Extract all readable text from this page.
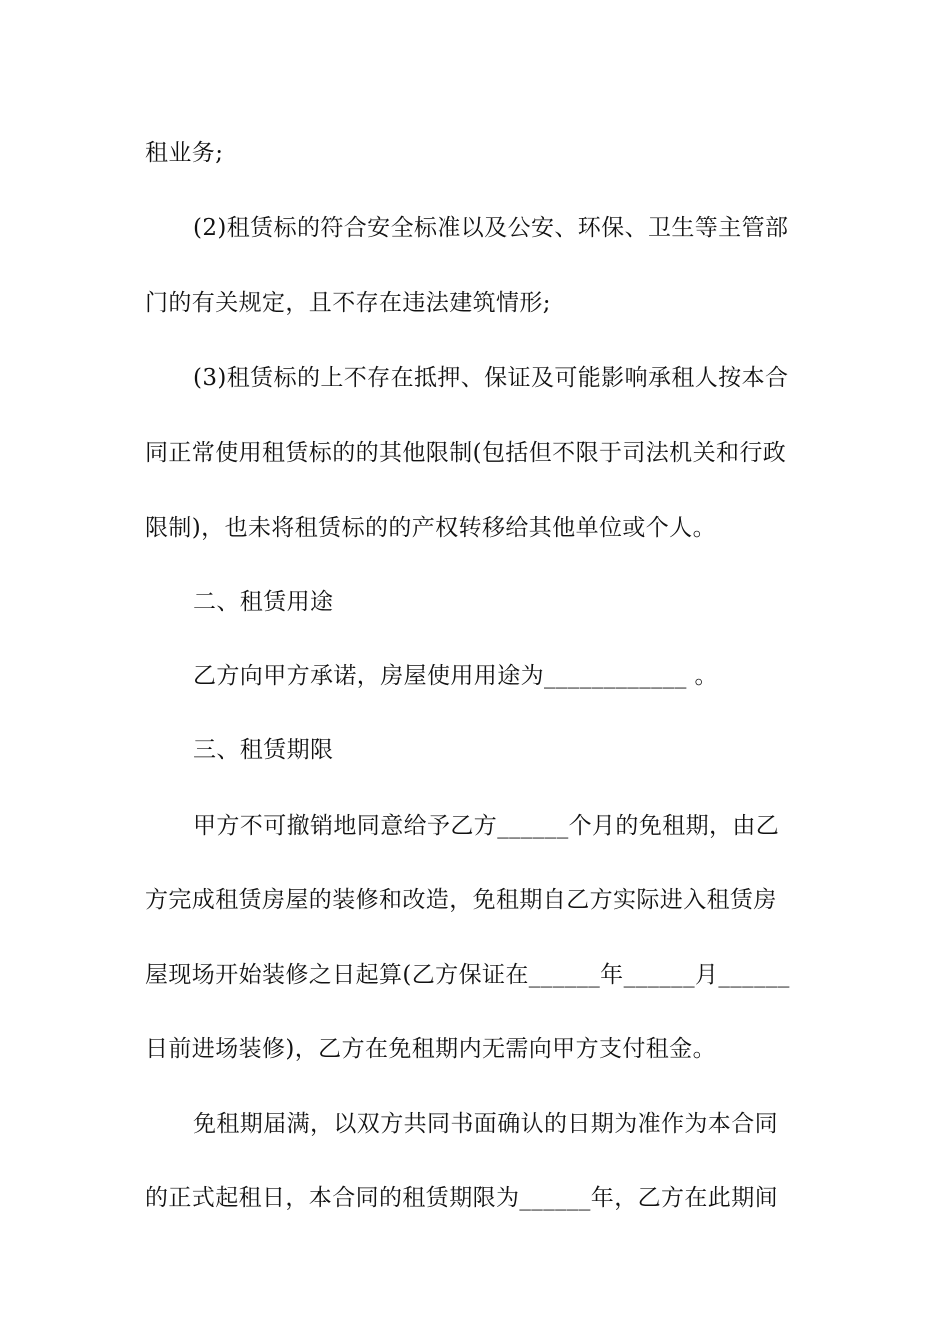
租业务;
(2)租赁标的符合安全标准以及公安、环保、卫生等主管部
门的有关规定，且不存在违法建筑情形;
(3)租赁标的上不存在抵押、保证及可能影响承租人按本合
同正常使用租赁标的的其他限制(包括但不限于司法机关和行政
限制)，也未将租赁标的的产权转移给其他单位或个人。
二、租赁用途
乙方向甲方承诺，房屋使用用途为____________ 。
三、租赁期限
甲方不可撤销地同意给予乙方______个月的免租期，由乙
方完成租赁房屋的装修和改造，免租期自乙方实际进入租赁房
屋现场开始装修之日起算(乙方保证在______年______月______
日前进场装修)，乙方在免租期内无需向甲方支付租金。
免租期届满，以双方共同书面确认的日期为准作为本合同
的正式起租日，本合同的租赁期限为______年，乙方在此期间
